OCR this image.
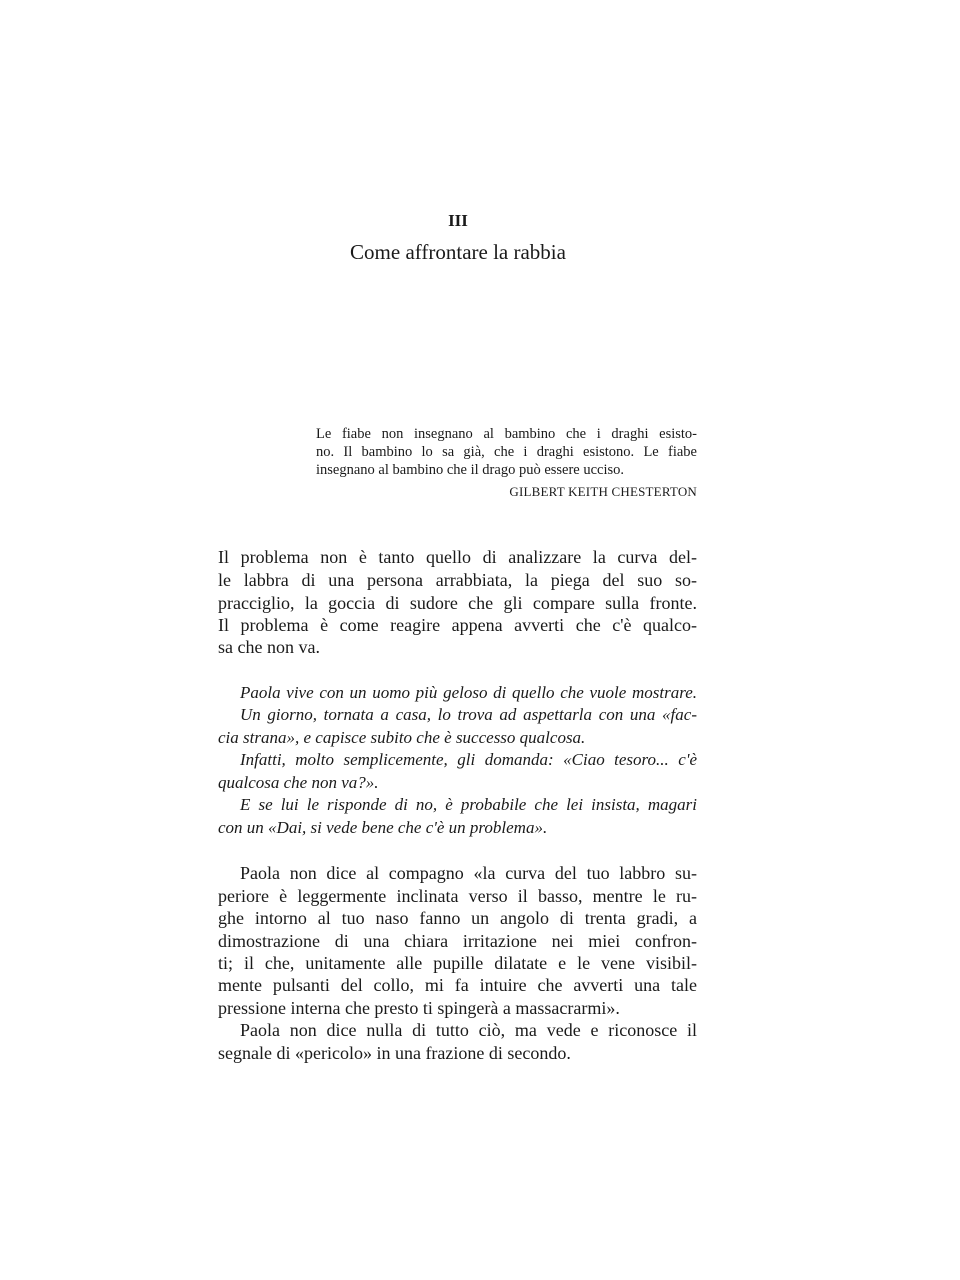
III

Come affrontare la rabbia

Le fiabe non insegnano al bambino che i draghi esisto-

no. Il bambino lo sa già, che i draghi esistono. Le fiabe

insegnano al bambino che il drago può essere ucciso.

GILBERT KEITH CHESTERTON

Il problema non è tanto quello di analizzare la curva del-

le labbra di una persona arrabbiata, la piega del suo so-

pracciglio, la goccia di sudore che gli compare sulla fronte.

Il problema è come reagire appena avverti che c'è qualco-

sa che non va.

Paola vive con un uomo più geloso di quello che vuole mostrare.

Un giorno, tornata a casa, lo trova ad aspettarla con una «fac-

cia strana», e capisce subito che è successo qualcosa.

Infatti, molto semplicemente, gli domanda: «Ciao tesoro... c'è

qualcosa che non va?».

E se lui le risponde di no, è probabile che lei insista, magari

con un «Dai, si vede bene che c'è un problema».

Paola non dice al compagno «la curva del tuo labbro su-

periore è leggermente inclinata verso il basso, mentre le ru-

ghe intorno al tuo naso fanno un angolo di trenta gradi, a

dimostrazione di una chiara irritazione nei miei confron-

ti; il che, unitamente alle pupille dilatate e le vene visibil-

mente pulsanti del collo, mi fa intuire che avverti una tale

pressione interna che presto ti spingerà a massacrarmi».

Paola non dice nulla di tutto ciò, ma vede e riconosce il

segnale di «pericolo» in una frazione di secondo.
